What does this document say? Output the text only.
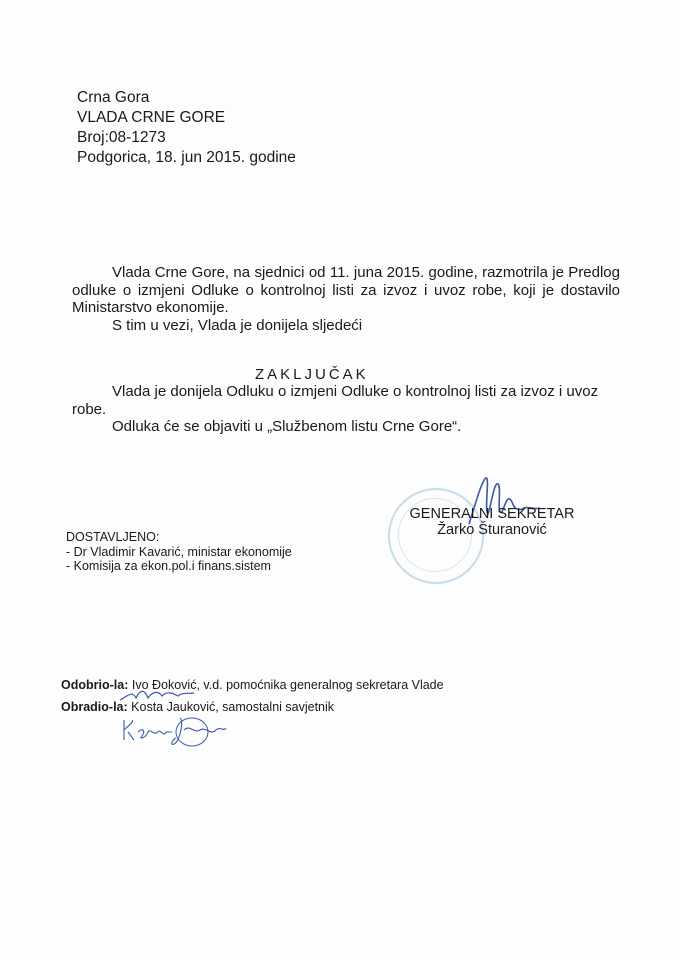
Crna Gora
VLADA CRNE GORE
Broj:08-1273
Podgorica, 18. jun 2015. godine

Vlada Crne Gore, na sjednici od 11. juna 2015. godine, razmotrila je Predlog odluke o izmjeni Odluke o kontrolnoj listi za izvoz i uvoz robe, koji je dostavilo Ministarstvo ekonomije.

S tim u vezi, Vlada je donijela sljedeći

ZAKLJUČAK

Vlada je donijela Odluku o izmjeni Odluke o kontrolnoj listi za izvoz i uvoz robe.

Odluka će se objaviti u „Službenom listu Crne Gore“.

GENERALNI SEKRETAR
Žarko Šturanović
DOSTAVLJENO:
- Dr Vladimir Kavarić, ministar ekonomije
- Komisija za ekon.pol.i finans.sistem
Odobrio-la: Ivo Đoković, v.d. pomoćnika generalnog sekretara Vlade
Obradio-la: Kosta Jauković, samostalni savjetnik
